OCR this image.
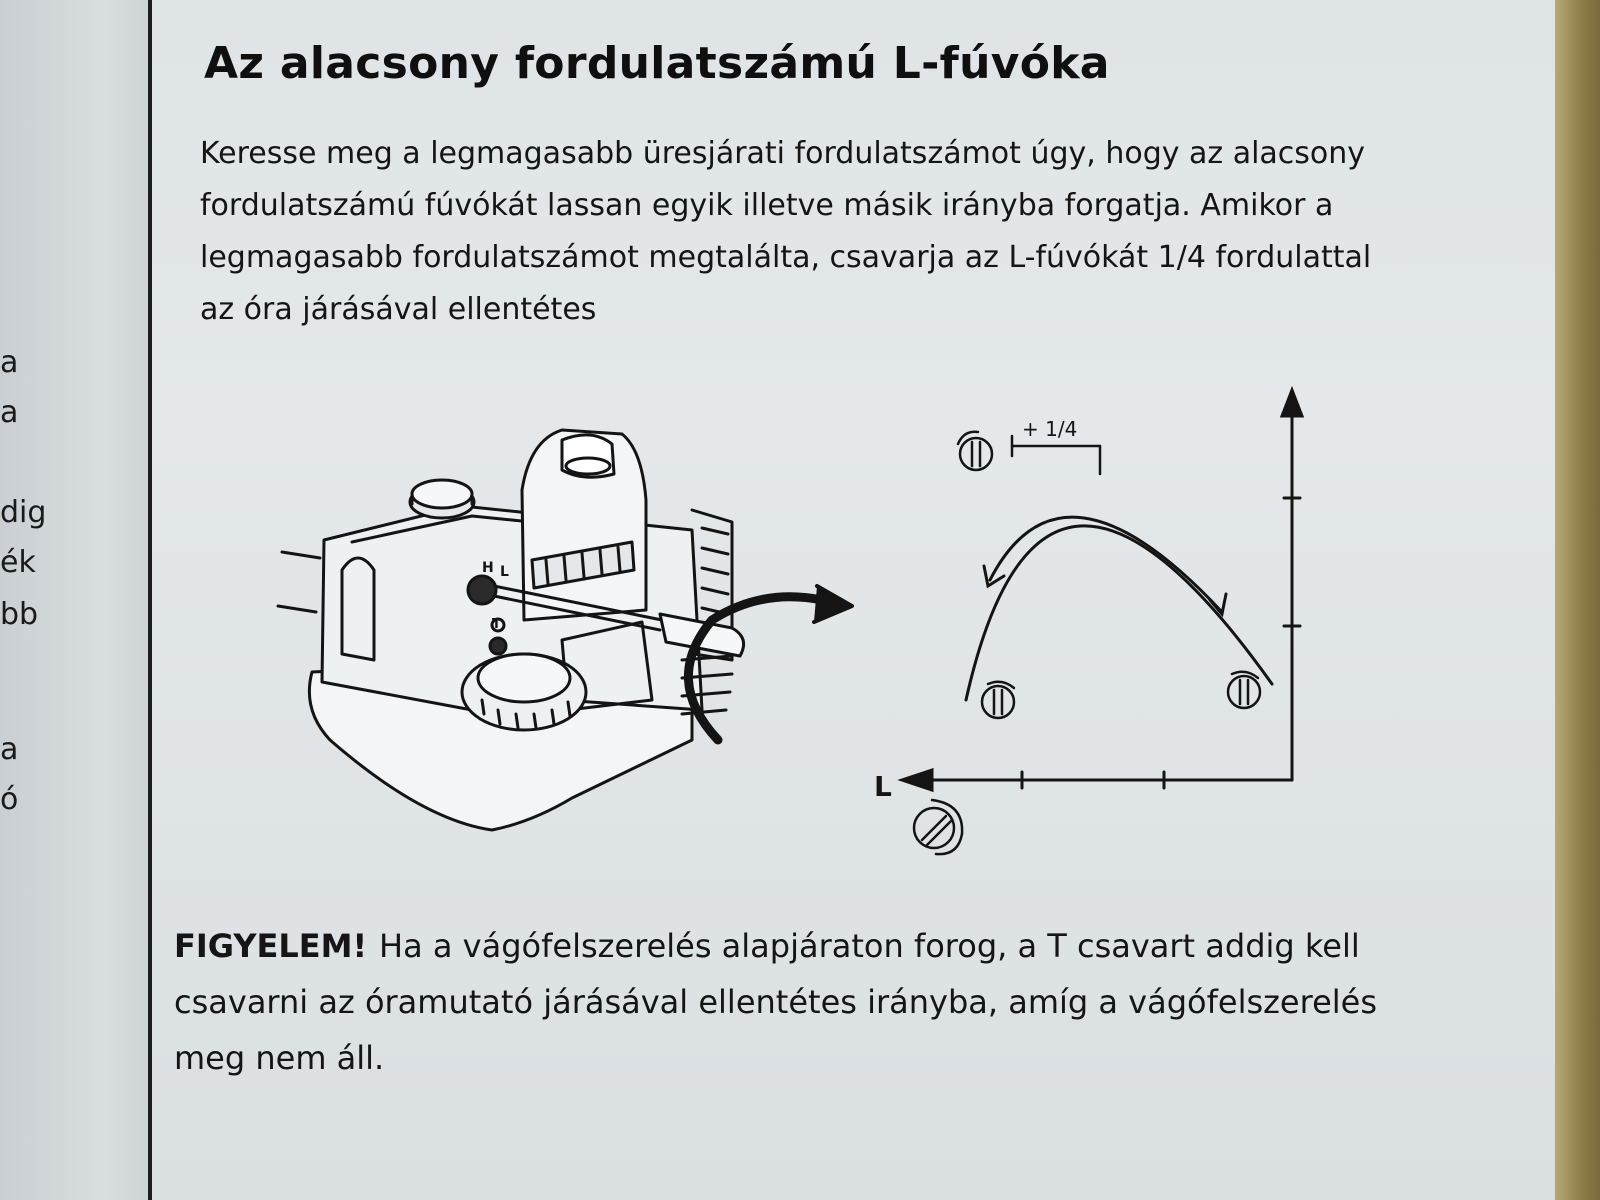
a
a
dig
ék
bb
a
ó
Az alacsony fordulatszámú L-fúvóka

Keresse meg a legmagasabb üresjárati fordulatszámot úgy, hogy az alacsony fordulatszámú fúvókát lassan egyik illetve másik irányba forgatja. Amikor a legmagasabb fordulatszámot megtalálta, csavarja az L-fúvókát 1/4 fordulattal az óra járásával ellentétes

H L
T
+ 1/4
L

FIGYELEM! Ha a vágófelszerelés alapjáraton forog, a T csavart addig kell csavarni az óramutató járásával ellentétes irányba, amíg a vágófelszerelés meg nem áll.
